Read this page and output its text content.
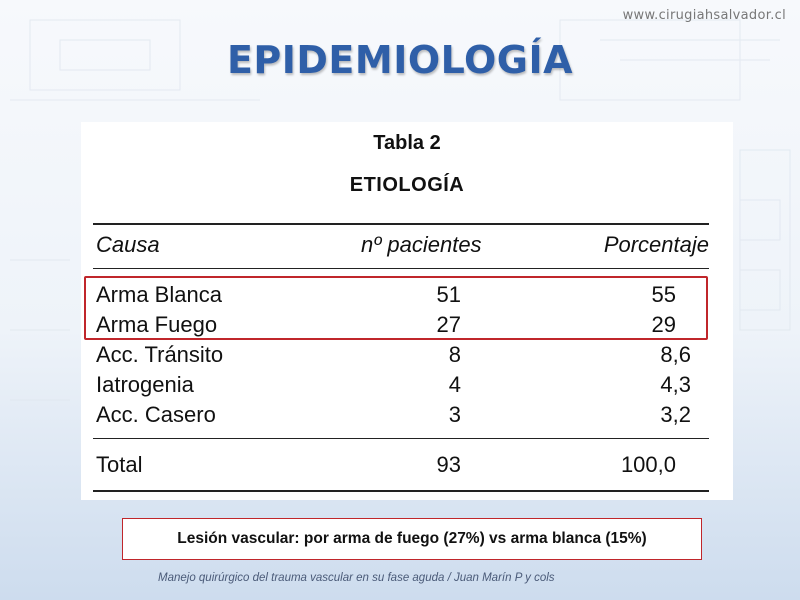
www.cirugiahsalvador.cl
EPIDEMIOLOGÍA
Tabla 2
ETIOLOGÍA
Causa	nº pacientes	Porcentaje
Arma Blanca	51	55
Arma Fuego	27	29
Acc. Tránsito	8	8,6
Iatrogenia	4	4,3
Acc. Casero	3	3,2
Total	93	100,0
Lesión vascular: por arma de fuego (27%) vs arma blanca (15%)
Manejo quirúrgico del trauma vascular en su fase aguda / Juan Marín P y cols
